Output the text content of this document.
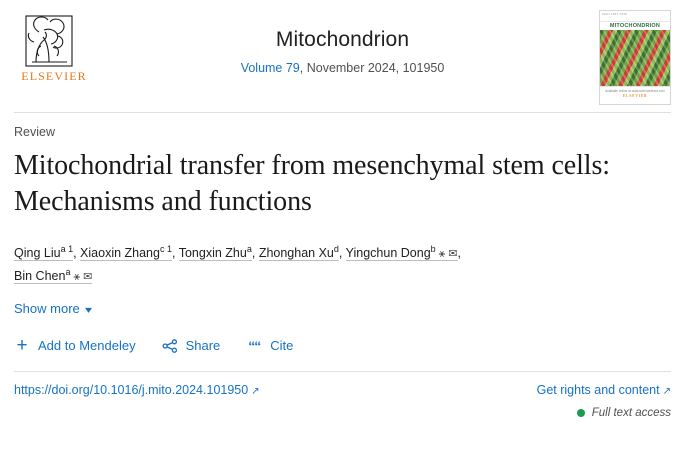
ELSEVIER
Mitochondrion
Volume 79, November 2024, 101950
ISSN 1567-7249
MITOCHONDRION
Available online at www.sciencedirect.com
ELSEVIER
Review
Mitochondrial transfer from mesenchymal stem cells: Mechanisms and functions
Qing Liu$^{a 1}$, Xiaoxin Zhang$^{c 1}$, Tongxin Zhu$^a$, Zhonghan Xu$^d$, Yingchun Dong$^b$ ⚹ ✉,
Bin Chen$^a$ ⚹ ✉
Show more ▾
+ Add to Mendeley	Share ““ Cite
https://doi.org/10.1016/j.mito.2024.101950 ↗	Get rights and content ↗
Full text access
